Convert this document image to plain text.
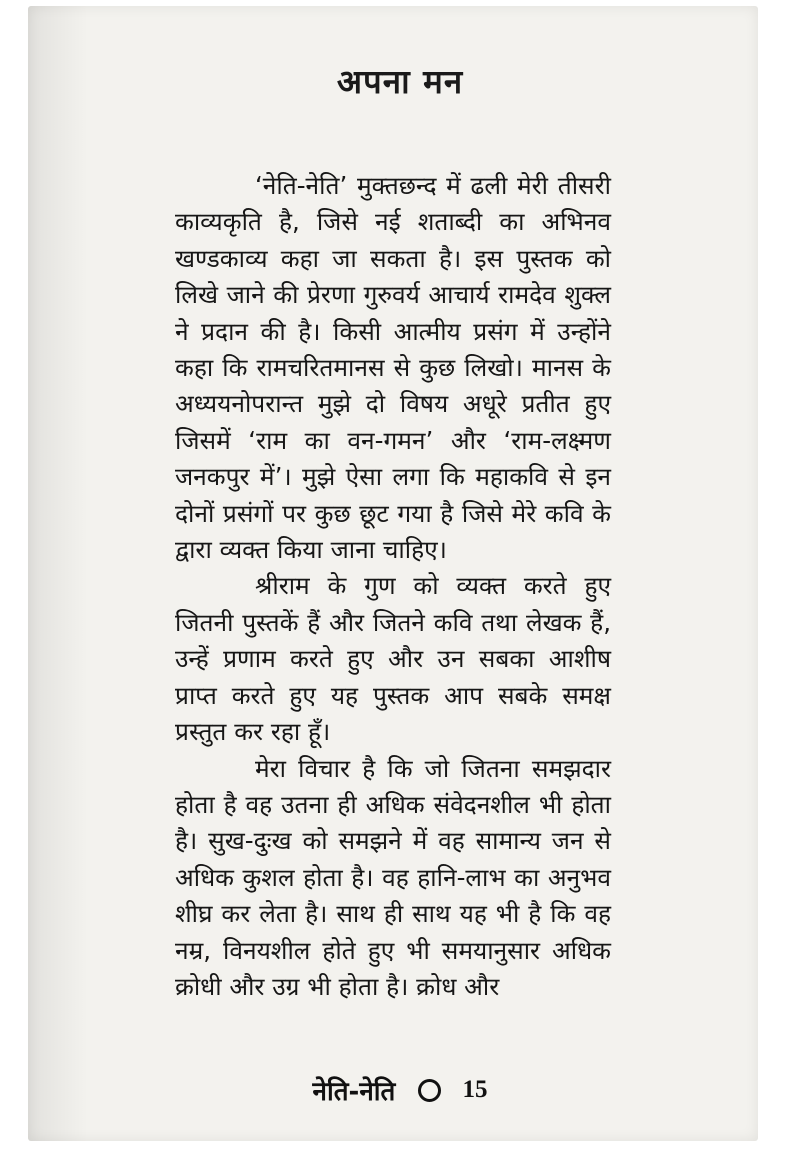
अपना मन

‘नेति-नेति’ मुक्तछन्द में ढली मेरी तीसरी काव्यकृति है, जिसे नई शताब्दी का अभिनव खण्डकाव्य कहा जा सकता है। इस पुस्तक को लिखे जाने की प्रेरणा गुरुवर्य आचार्य रामदेव शुक्ल ने प्रदान की है। किसी आत्मीय प्रसंग में उन्होंने कहा कि रामचरितमानस से कुछ लिखो। मानस के अध्ययनोपरान्त मुझे दो विषय अधूरे प्रतीत हुए जिसमें ‘राम का वन-गमन’ और ‘राम-लक्ष्मण जनकपुर में’। मुझे ऐसा लगा कि महाकवि से इन दोनों प्रसंगों पर कुछ छूट गया है जिसे मेरे कवि के द्वारा व्यक्त किया जाना चाहिए।

श्रीराम के गुण को व्यक्त करते हुए जितनी पुस्तकें हैं और जितने कवि तथा लेखक हैं, उन्हें प्रणाम करते हुए और उन सबका आशीष प्राप्त करते हुए यह पुस्तक आप सबके समक्ष प्रस्तुत कर रहा हूँ।

मेरा विचार है कि जो जितना समझदार होता है वह उतना ही अधिक संवेदनशील भी होता है। सुख-दुःख को समझने में वह सामान्य जन से अधिक कुशल होता है। वह हानि-लाभ का अनुभव शीघ्र कर लेता है। साथ ही साथ यह भी है कि वह नम्र, विनयशील होते हुए भी समयानुसार अधिक क्रोधी और उग्र भी होता है। क्रोध और

नेति-नेति	15
